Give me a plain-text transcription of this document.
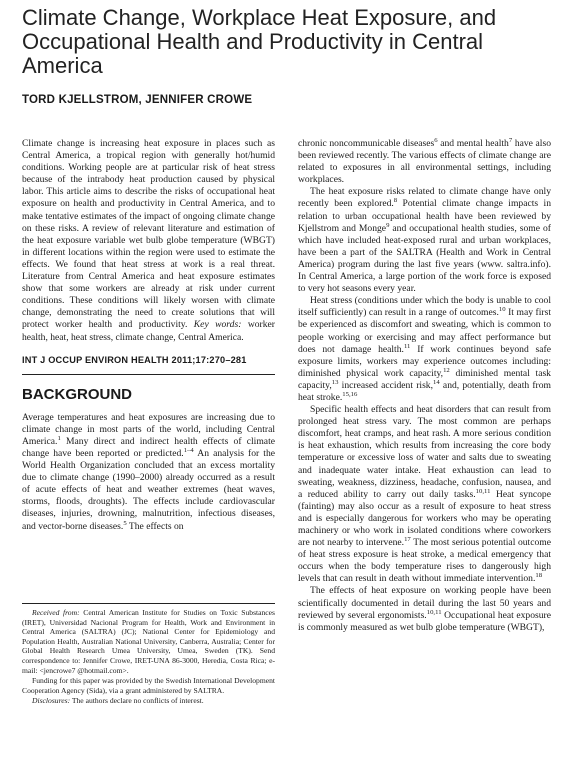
Climate Change, Workplace Heat Exposure, and Occupational Health and Productivity in Central America
TORD KJELLSTROM, JENNIFER CROWE

Climate change is increasing heat exposure in places such as Central America, a tropical region with generally hot/humid conditions. Working people are at particular risk of heat stress because of the intrabody heat production caused by physical labor. This article aims to describe the risks of occupational heat exposure on health and productivity in Central America, and to make tentative estimates of the impact of ongoing climate change on these risks. A review of relevant literature and estimation of the heat exposure variable wet bulb globe temperature (WBGT) in different locations within the region were used to estimate the effects. We found that heat stress at work is a real threat. Literature from Central America and heat exposure estimates show that some workers are already at risk under current conditions. These conditions will likely worsen with climate change, demonstrating the need to create solutions that will protect worker health and productivity. Key words: worker health, heat, heat stress, climate change, Central America.

INT J OCCUP ENVIRON HEALTH 2011;17:270–281
BACKGROUND

Average temperatures and heat exposures are increasing due to climate change in most parts of the world, including Central America.$^1$ Many direct and indirect health effects of climate change have been reported or predicted.$^{1-4}$ An analysis for the World Health Organization concluded that an excess mortality due to climate change (1990–2000) already occurred as a result of acute effects of heat and weather extremes (heat waves, storms, floods, droughts). The effects include cardiovascular diseases, injuries, drowning, malnutrition, infectious diseases, and vector-borne diseases.$^5$ The effects on

Received from: Central American Institute for Studies on Toxic Substances (IRET), Universidad Nacional Program for Health, Work and Environment in Central America (SALTRA) (JC); National Center for Epidemiology and Population Health, Australian National University, Canberra, Australia; Center for Global Health Research Umea University, Umea, Sweden (TK). Send correspondence to: Jennifer Crowe, IRET-UNA 86-3000, Heredia, Costa Rica; e-mail: <jencrowe7 @hotmail.com>.

Funding for this paper was provided by the Swedish International Development Cooperation Agency (Sida), via a grant administered by SALTRA.

Disclosures: The authors declare no conflicts of interest.

chronic noncommunicable diseases$^6$ and mental health$^7$ have also been reviewed recently. The various effects of climate change are related to exposures in all environmental settings, including workplaces.

The heat exposure risks related to climate change have only recently been explored.$^8$ Potential climate change impacts in relation to urban occupational health have been reviewed by Kjellstrom and Monge$^9$ and occupational health studies, some of which have included heat-exposed rural and urban workplaces, have been a part of the SALTRA (Health and Work in Central America) program during the last five years (www. saltra.info). In Central America, a large portion of the work force is exposed to very hot seasons every year.

Heat stress (conditions under which the body is unable to cool itself sufficiently) can result in a range of outcomes.$^{10}$ It may first be experienced as discomfort and sweating, which is common to people working or exercising and may affect performance but does not damage health.$^{11}$ If work continues beyond safe exposure limits, workers may experience outcomes including: diminished physical work capacity,$^{12}$ diminished mental task capacity,$^{13}$ increased accident risk,$^{14}$ and, potentially, death from heat stroke.$^{15,16}$

Specific health effects and heat disorders that can result from prolonged heat stress vary. The most common are perhaps discomfort, heat cramps, and heat rash. A more serious condition is heat exhaustion, which results from increasing the core body temperature or excessive loss of water and salts due to sweating and inadequate water intake. Heat exhaustion can lead to sweating, weakness, dizziness, headache, confusion, nausea, and a reduced ability to carry out daily tasks.$^{10,11}$ Heat syncope (fainting) may also occur as a result of exposure to heat stress and is especially dangerous for workers who may be operating machinery or who work in isolated conditions where coworkers are not nearby to intervene.$^{17}$ The most serious potential outcome of heat stress exposure is heat stroke, a medical emergency that occurs when the body temperature rises to dangerously high levels that can result in death without immediate intervention.$^{18}$

The effects of heat exposure on working people have been scientifically documented in detail during the last 50 years and reviewed by several ergonomists.$^{10,11}$ Occupational heat exposure is commonly measured as wet bulb globe temperature (WBGT),
